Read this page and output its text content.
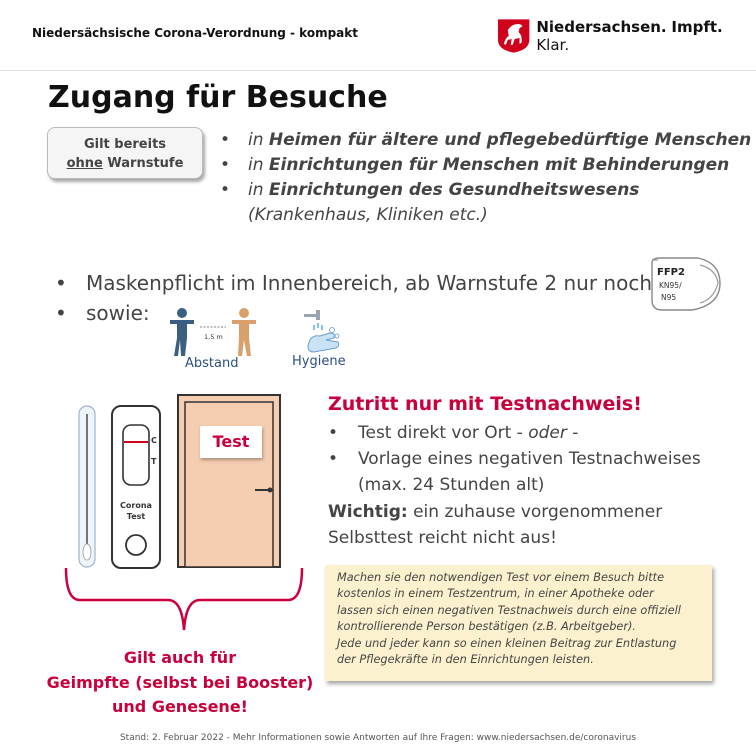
Niedersächsische Corona-Verordnung - kompakt	Niedersachsen. Impft. Klar.
Zugang für Besuche
Gilt bereits
ohne Warnstufe
• in Heimen für ältere und pflegebedürftige Menschen
• in Einrichtungen für Menschen mit Behinderungen
• in Einrichtungen des Gesundheitswesens
(Krankenhaus, Kliniken etc.)
• Maskenpflicht im Innenbereich, ab Warnstufe 2 nur noch
• sowie:
FFP2
KN95/
N95
1,5 m
Abstand	Hygiene
C
T
Corona
Test
Test
Zutritt nur mit Testnachweis!
• Test direkt vor Ort - oder -
• Vorlage eines negativen Testnachweises
(max. 24 Stunden alt)
Wichtig: ein zuhause vorgenommener
Selbsttest reicht nicht aus!
Machen sie den notwendigen Test vor einem Besuch bitte
kostenlos in einem Testzentrum, in einer Apotheke oder
lassen sich einen negativen Testnachweis durch eine offiziell
kontrollierende Person bestätigen (z.B. Arbeitgeber).
Jede und jeder kann so einen kleinen Beitrag zur Entlastung
der Pflegekräfte in den Einrichtungen leisten.
Gilt auch für
Geimpfte (selbst bei Booster)
und Genesene!
Stand: 2. Februar 2022 - Mehr Informationen sowie Antworten auf Ihre Fragen: www.niedersachsen.de/coronavirus
